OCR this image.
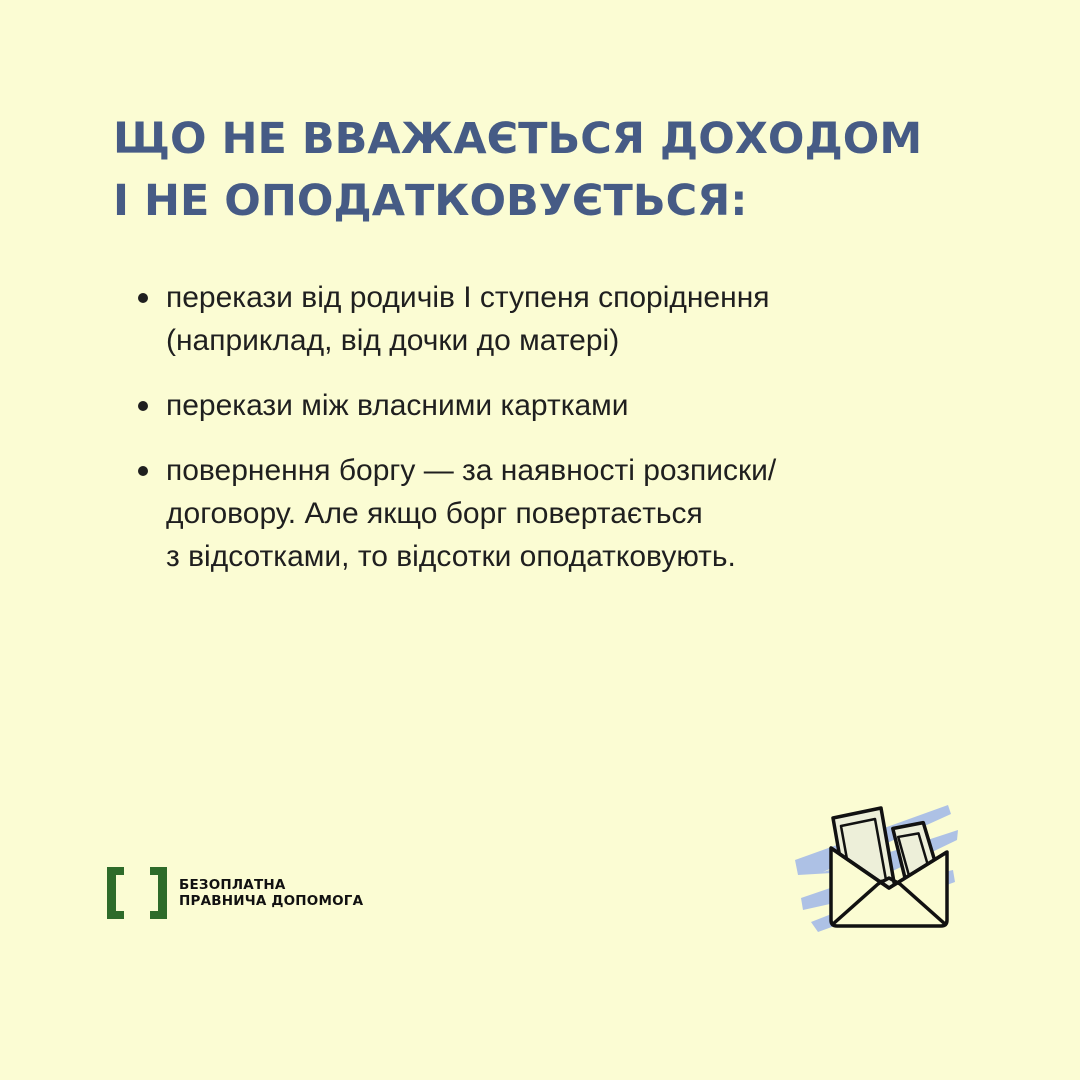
ЩО НЕ ВВАЖАЄТЬСЯ ДОХОДОМ
І НЕ ОПОДАТКОВУЄТЬСЯ:
перекази від родичів І ступеня споріднення
(наприклад, від дочки до матері)
перекази між власними картками
повернення боргу — за наявності розписки/
договору. Але якщо борг повертається
з відсотками, то відсотки оподатковують.
БЕЗОПЛАТНА
ПРАВНИЧА ДОПОМОГА
